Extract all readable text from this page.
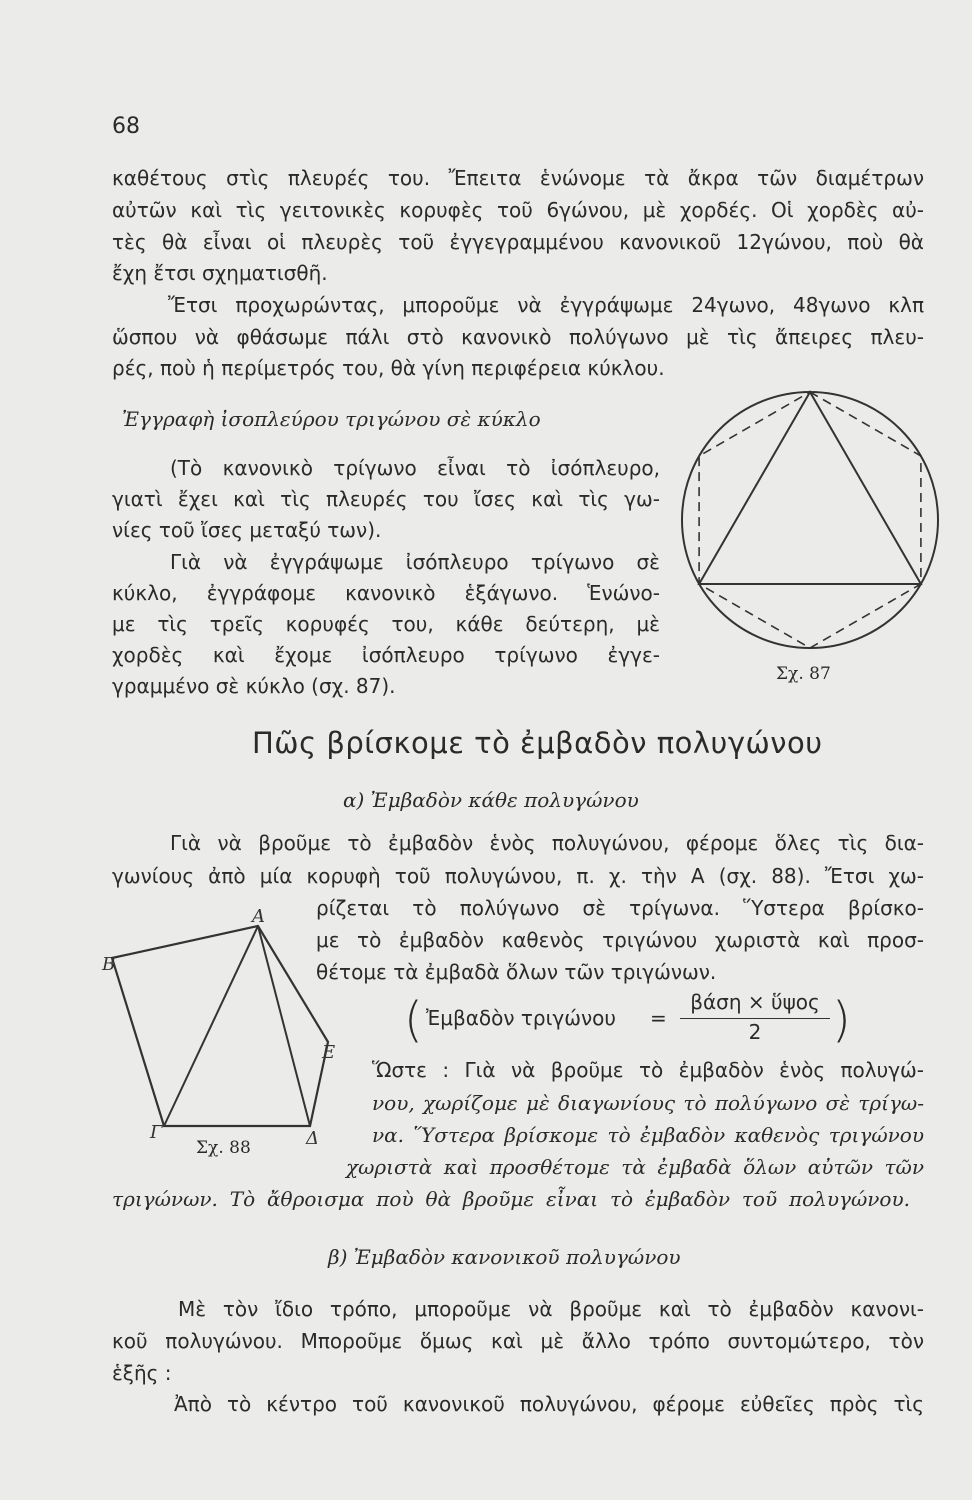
68
καθέτους στὶς πλευρές του. Ἔπειτα ἑνώνομε τὰ ἄκρα τῶν διαμέτρων
αὐτῶν καὶ τὶς γειτονικὲς κορυφὲς τοῦ 6γώνου, μὲ χορδές. Οἱ χορδὲς αὐ-
τὲς θὰ εἶναι οἱ πλευρὲς τοῦ ἐγγεγραμμένου κανονικοῦ 12γώνου, ποὺ θὰ
ἔχη ἔτσι σχηματισθῆ.
Ἔτσι προχωρώντας, μποροῦμε νὰ ἐγγράψωμε 24γωνο, 48γωνο κλπ
ὥσπου νὰ φθάσωμε πάλι στὸ κανονικὸ πολύγωνο μὲ τὶς ἄπειρες πλευ-
ρές, ποὺ ἡ περίμετρός του, θὰ γίνη περιφέρεια κύκλου.
Ἐγγραφὴ ἰσοπλεύρου τριγώνου σὲ κύκλο
(Τὸ κανονικὸ τρίγωνο εἶναι τὸ ἰσόπλευρο,
γιατὶ ἔχει καὶ τὶς πλευρές του ἴσες καὶ τὶς γω-
νίες τοῦ ἴσες μεταξύ των).
Γιὰ νὰ ἐγγράψωμε ἰσόπλευρο τρίγωνο σὲ
κύκλο, ἐγγράφομε κανονικὸ ἑξάγωνο. Ἑνώνο-
με τὶς τρεῖς κορυφές του, κάθε δεύτερη, μὲ
χορδὲς καὶ ἔχομε ἰσόπλευρο τρίγωνο ἐγγε-
γραμμένο σὲ κύκλο (σχ. 87).	Σχ. 87
Πῶς βρίσκομε τὸ ἐμβαδὸν πολυγώνου
α) Ἐμβαδὸν κάθε πολυγώνου
Γιὰ νὰ βροῦμε τὸ ἐμβαδὸν ἑνὸς πολυγώνου, φέρομε ὅλες τὶς δια-
γωνίους ἀπὸ μία κορυφὴ τοῦ πολυγώνου, π. χ. τὴν Α (σχ. 88). Ἔτσι χω-
ρίζεται τὸ πολύγωνο σὲ τρίγωνα. Ὕστερα βρίσκο-
με τὸ ἐμβαδὸν καθενὸς τριγώνου χωριστὰ καὶ προσ-
θέτομε τὰ ἐμβαδὰ ὅλων τῶν τριγώνων.
( Ἐμβαδὸν τριγώνου =
βάση × ὕψος
2	)
Α
Β
Ε
Γ	Δ
Σχ. 88
Ὥστε : Γιὰ νὰ βροῦμε τὸ ἐμβαδὸν ἑνὸς πολυγώ-
νου, χωρίζομε μὲ διαγωνίους τὸ πολύγωνο σὲ τρίγω-
να. Ὕστερα βρίσκομε τὸ ἐμβαδὸν καθενὸς τριγώνου
χωριστὰ καὶ προσθέτομε τὰ ἐμβαδὰ ὅλων αὐτῶν τῶν
τριγώνων. Τὸ ἄθροισμα ποὺ θὰ βροῦμε εἶναι τὸ ἐμβαδὸν τοῦ πολυγώνου.
β) Ἐμβαδὸν κανονικοῦ πολυγώνου
Μὲ τὸν ἴδιο τρόπο, μποροῦμε νὰ βροῦμε καὶ τὸ ἐμβαδὸν κανονι-
κοῦ πολυγώνου. Μποροῦμε ὅμως καὶ μὲ ἄλλο τρόπο συντομώτερο, τὸν
ἑξῆς :
Ἀπὸ τὸ κέντρο τοῦ κανονικοῦ πολυγώνου, φέρομε εὐθεῖες πρὸς τὶς
